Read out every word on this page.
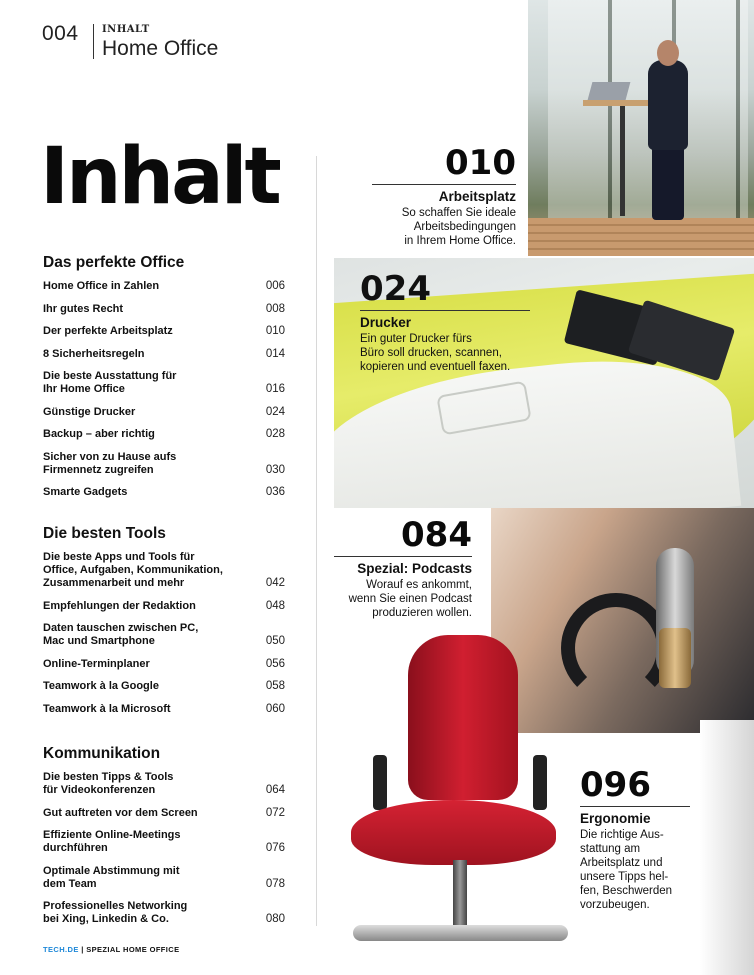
004 INHALT
Home Office
Inhalt
Das perfekte Office
Home Office in Zahlen	006
Ihr gutes Recht	008
Der perfekte Arbeitsplatz	010
8 Sicherheitsregeln	014
Die beste Ausstattung für
Ihr Home Office	016
Günstige Drucker	024
Backup – aber richtig	028
Sicher von zu Hause aufs
Firmennetz zugreifen	030
Smarte Gadgets	036
Die besten Tools
Die beste Apps und Tools für
Office, Aufgaben, Kommunikation,
Zusammenarbeit und mehr	042
Empfehlungen der Redaktion	048
Daten tauschen zwischen PC,
Mac und Smartphone	050
Online-Terminplaner	056
Teamwork à la Google	058
Teamwork à la Microsoft	060
Kommunikation
Die besten Tipps & Tools
für Videokonferenzen	064
Gut auftreten vor dem Screen	072
Effiziente Online-Meetings
durchführen	076
Optimale Abstimmung mit
dem Team	078
Professionelles Networking
bei Xing, Linkedin & Co.	080
010
Arbeitsplatz
So schaffen Sie ideale
Arbeitsbedingungen
in Ihrem Home Office.
024
Drucker
Ein guter Drucker fürs
Büro soll drucken, scannen,
kopieren und eventuell faxen.
084
Spezial: Podcasts
Worauf es ankommt,
wenn Sie einen Podcast
produzieren wollen.
096
Ergonomie
Die richtige Aus-
stattung am
Arbeitsplatz und
unsere Tipps hel-
fen, Beschwerden
vorzubeugen.
TECH.DE | SPEZIAL HOME OFFICE
